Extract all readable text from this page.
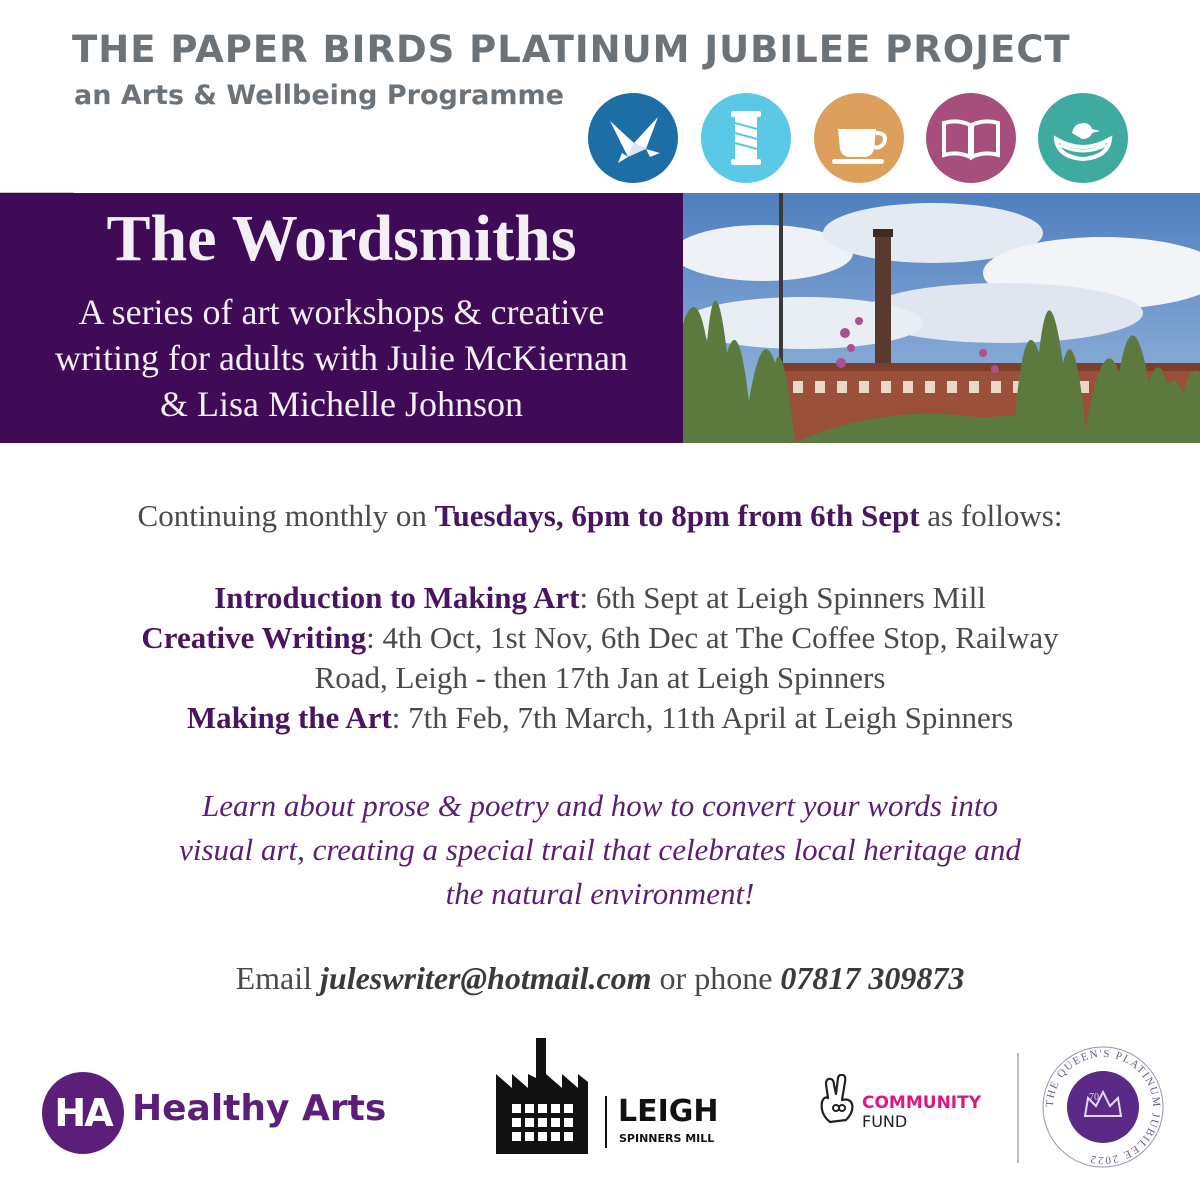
THE PAPER BIRDS PLATINUM JUBILEE PROJECT
an Arts & Wellbeing Programme
The Wordsmiths
A series of art workshops & creative
writing for adults with Julie McKiernan
& Lisa Michelle Johnson
Continuing monthly on Tuesdays, 6pm to 8pm from 6th Sept as follows:
Introduction to Making Art: 6th Sept at Leigh Spinners Mill
Creative Writing: 4th Oct, 1st Nov, 6th Dec at The Coffee Stop, Railway
Road, Leigh - then 17th Jan at Leigh Spinners
Making the Art: 7th Feb, 7th March, 11th April at Leigh Spinners
Learn about prose & poetry and how to convert your words into
visual art, creating a special trail that celebrates local heritage and
the natural environment!
Email juleswriter@hotmail.com or phone 07817 309873
HA Healthy Arts	LEIGH
SPINNERS MILL
COMMUNITY
FUND
THE QUEEN'S PLATINUM JUBILEE 2022
70
